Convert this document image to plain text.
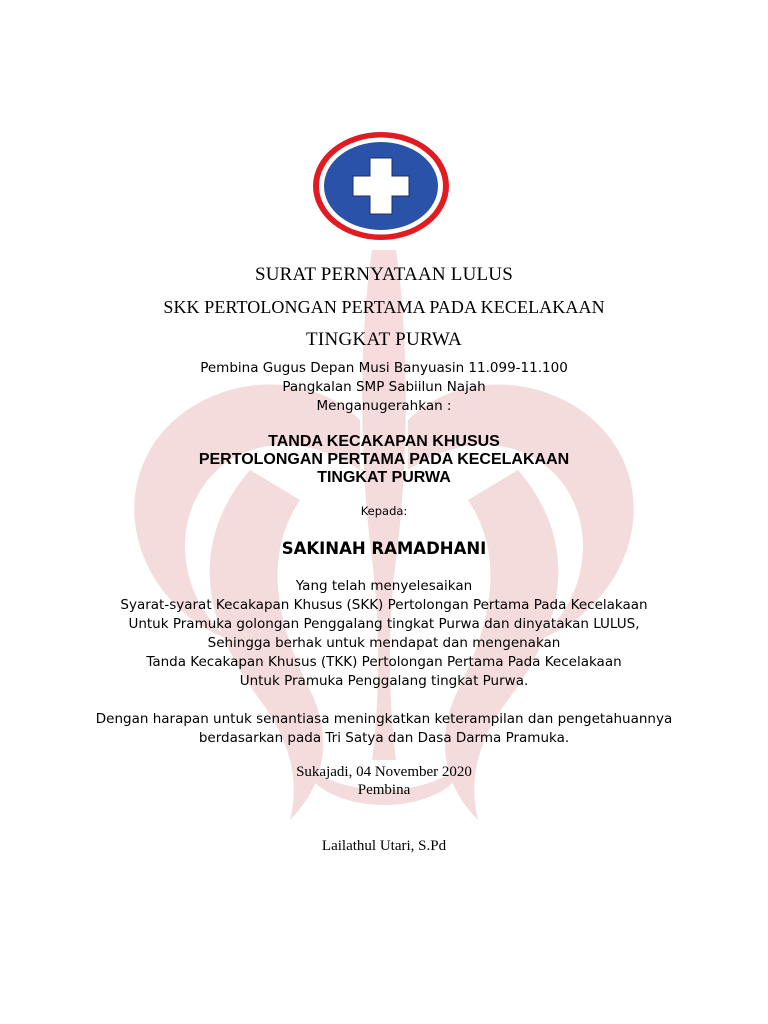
SURAT PERNYATAAN LULUS
SKK PERTOLONGAN PERTAMA PADA KECELAKAAN
TINGKAT PURWA
Pembina Gugus Depan Musi Banyuasin 11.099-11.100
Pangkalan SMP Sabiilun Najah
Menganugerahkan :
TANDA KECAKAPAN KHUSUS
PERTOLONGAN PERTAMA PADA KECELAKAAN
TINGKAT PURWA
Kepada:
SAKINAH RAMADHANI
Yang telah menyelesaikan
Syarat-syarat Kecakapan Khusus (SKK) Pertolongan Pertama Pada Kecelakaan
Untuk Pramuka golongan Penggalang tingkat Purwa dan dinyatakan LULUS,
Sehingga berhak untuk mendapat dan mengenakan
Tanda Kecakapan Khusus (TKK) Pertolongan Pertama Pada Kecelakaan
Untuk Pramuka Penggalang tingkat Purwa.
Dengan harapan untuk senantiasa meningkatkan keterampilan dan pengetahuannya
berdasarkan pada Tri Satya dan Dasa Darma Pramuka.
Sukajadi, 04 November 2020
Pembina
Lailathul Utari, S.Pd
